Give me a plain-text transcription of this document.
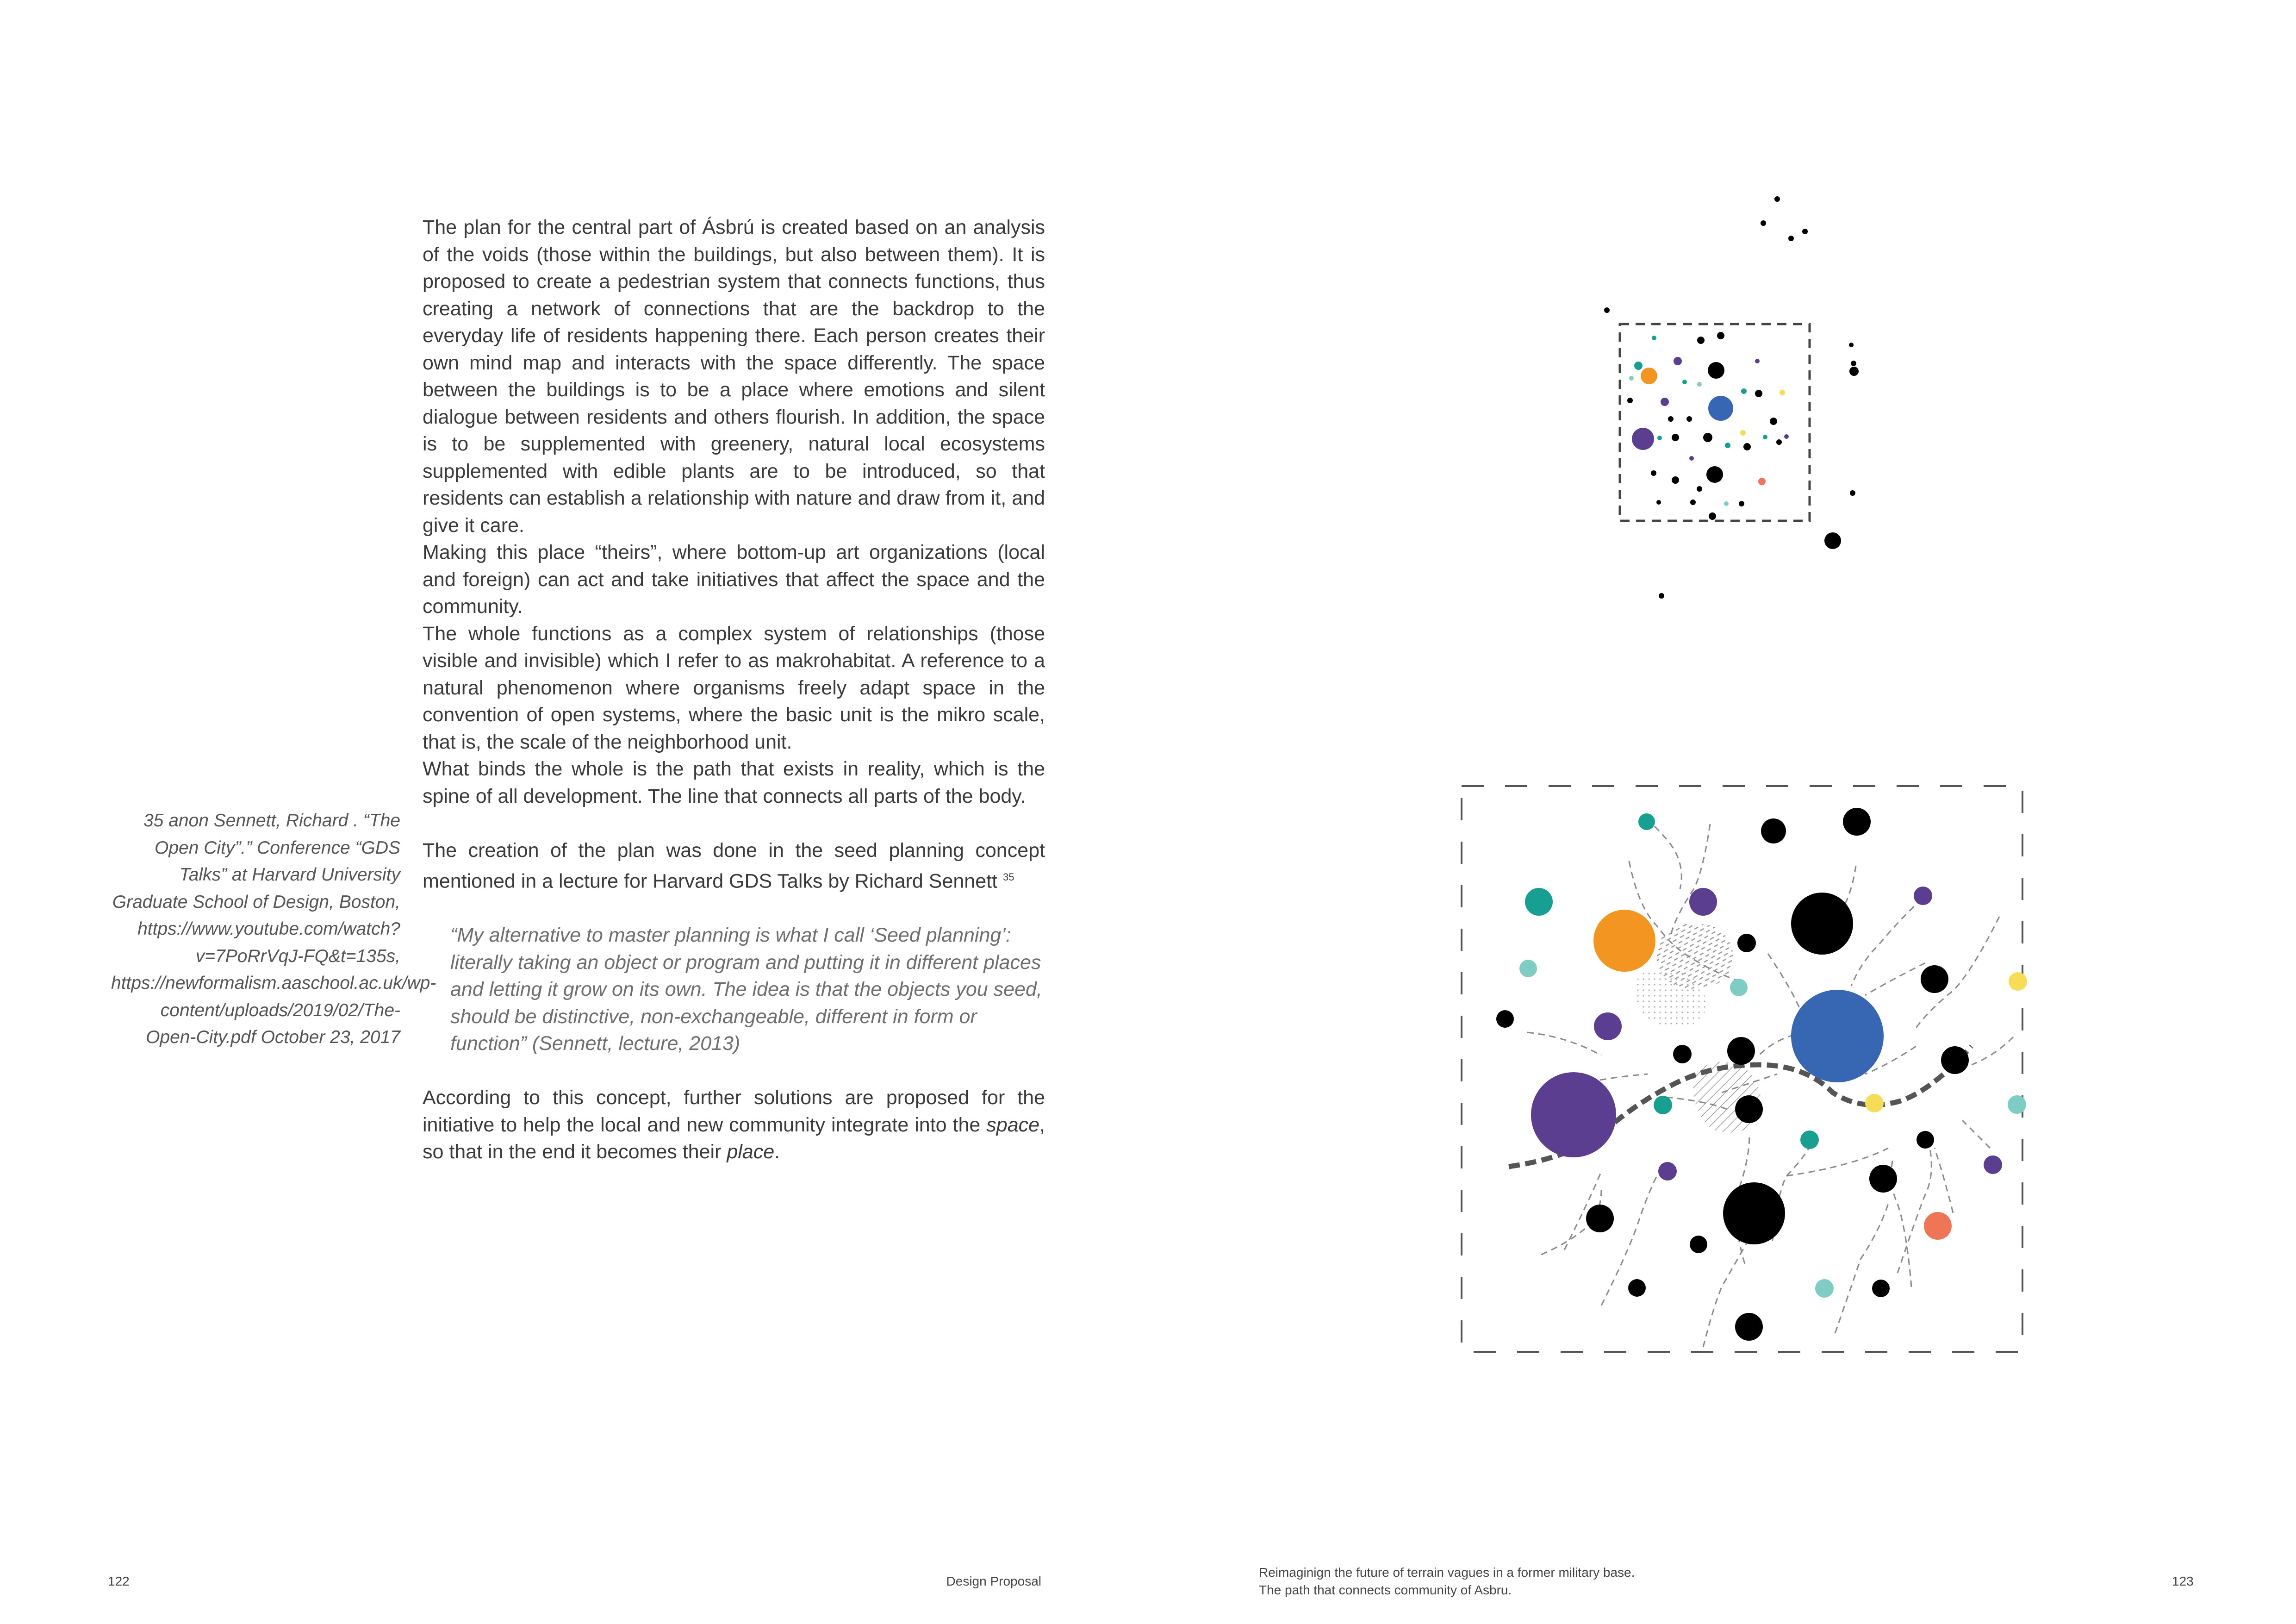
The plan for the central part of Ásbrú is created based on an analysis of the voids (those within the buildings, but also between them). It is proposed to create a pedestrian system that connects functions, thus creating a network of connections that are the backdrop to the everyday life of residents happening there. Each person creates their own mind map and interacts with the space differently. The space between the buildings is to be a place where emotions and silent dialogue between residents and others flourish. In addition, the space is to be supplemented with greenery, natural local ecosystems supplemented with edible plants are to be introduced, so that residents can establish a relationship with nature and draw from it, and give it care.

Making this place “theirs”, where bottom-up art organizations (local and foreign) can act and take initiatives that affect the space and the community.

The whole functions as a complex system of relationships (those visible and invisible) which I refer to as makrohabitat. A reference to a natural phenomenon where organisms freely adapt space in the convention of open systems, where the basic unit is the mikro scale, that is, the scale of the neighborhood unit.

What binds the whole is the path that exists in reality, which is the spine of all development. The line that connects all parts of the body.

The creation of the plan was done in the seed planning concept mentioned in a lecture for Harvard GDS Talks by Richard Sennett $^{35}$

“My alternative to master planning is what I call ‘Seed planning’: literally taking an object or program and putting it in different places and letting it grow on its own. The idea is that the objects you seed, should be distinctive, non-exchangeable, different in form or function” (Sennett, lecture, 2013)

According to this concept, further solutions are proposed for the initiative to help the local and new community integrate into the space, so that in the end it becomes their place.

35 anon Sennett, Richard . “The Open City”.” Conference “GDS Talks” at Harvard University Graduate School of Design, Boston, https://www.youtube.com/watch?v=7PoRrVqJ-FQ&t=135s, https://newformalism.aaschool.ac.uk/wp-content/uploads/2019/02/The-Open-City.pdf October 23, 2017
122	Design Proposal
Reimaginign the future of terrain vagues in a former military base.
The path that connects community of Asbru.
123
